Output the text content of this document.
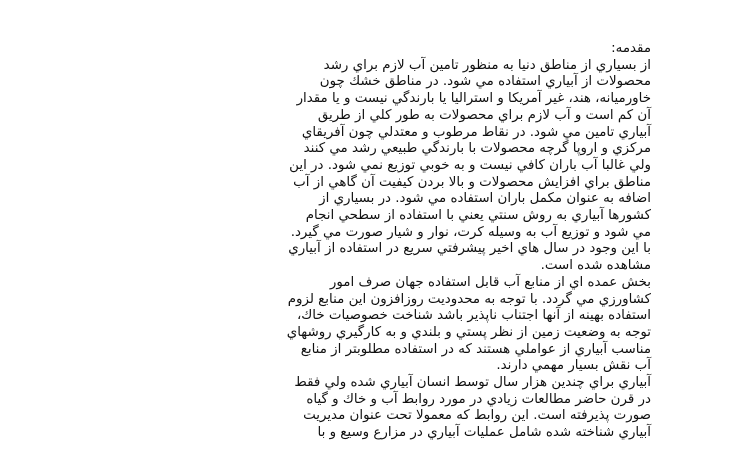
مقدمه:
از بسياري از مناطق دنيا به منظور تامين آب لازم براي رشد
محصولات از آبياري استفاده مي شود. در مناطق خشك چون
خاورميانه، هند، غير آمريكا و استراليا يا بارندگي نيست و يا مقدار
آن كم است و آب لازم براي محصولات به طور كلي از طريق
آبياري تامين مي شود. در نقاط مرطوب و معتدلي چون آفريقاي
مركزي و اروپا گرچه محصولات با بارندگي طبيعي رشد مي كنند
ولي غالبا آب باران كافي نيست و به خوبي توزيع نمي شود. در اين
مناطق براي افزايش محصولات و بالا بردن كيفيت آن گاهي از آب
اضافه به عنوان مكمل باران استفاده مي شود. در بسياري از
كشورها آبياري به روش سنتي يعني با استفاده از سطحي انجام
مي شود و توزيع آب به وسيله كرت، نوار و شيار صورت مي گيرد.
با اين وجود در سال هاي اخير پيشرفتي سريع در استفاده از آبياري
مشاهده شده است.
بخش عمده اي از منابع آب قابل استفاده جهان صرف امور
كشاورزي مي گردد. با توجه به محدوديت روزافزون اين منابع لزوم
استفاده بهينه از آنها اجتناب ناپذير باشد شناخت خصوصيات خاك،
توجه به وضعيت زمين از نظر پستي و بلندي و به كارگيري روشهاي
مناسب آبياري از عواملي هستند كه در استفاده مطلوبتر از منابع
آب نقش بسيار مهمي دارند.
آبياري براي چندين هزار سال توسط انسان آبياري شده ولي فقط
در قرن حاضر مطالعات زيادي در مورد روابط آب و خاك و گياه
صورت پذيرفته است. اين روابط كه معمولا تحت عنوان مديريت
آبياري شناخته شده شامل عمليات آبياري در مزارع وسيع و با
